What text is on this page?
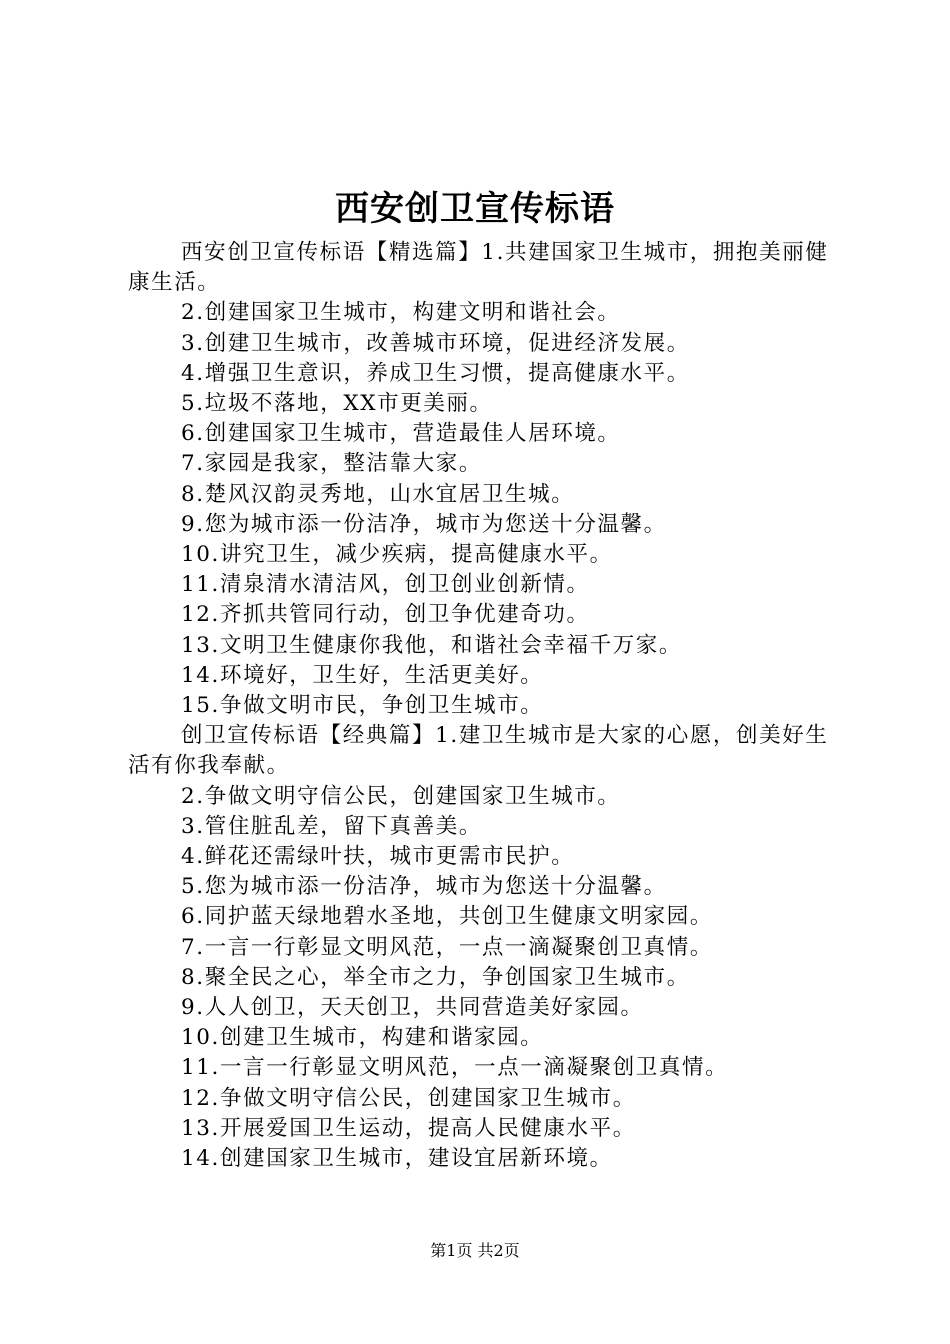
西安创卫宣传标语

西安创卫宣传标语【精选篇】1.共建国家卫生城市，拥抱美丽健康生活。

2.创建国家卫生城市，构建文明和谐社会。

3.创建卫生城市，改善城市环境，促进经济发展。

4.增强卫生意识，养成卫生习惯，提高健康水平。

5.垃圾不落地，XX市更美丽。

6.创建国家卫生城市，营造最佳人居环境。

7.家园是我家，整洁靠大家。

8.楚风汉韵灵秀地，山水宜居卫生城。

9.您为城市添一份洁净，城市为您送十分温馨。

10.讲究卫生，减少疾病，提高健康水平。

11.清泉清水清洁风，创卫创业创新情。

12.齐抓共管同行动，创卫争优建奇功。

13.文明卫生健康你我他，和谐社会幸福千万家。

14.环境好，卫生好，生活更美好。

15.争做文明市民，争创卫生城市。

创卫宣传标语【经典篇】1.建卫生城市是大家的心愿，创美好生活有你我奉献。

2.争做文明守信公民，创建国家卫生城市。

3.管住脏乱差，留下真善美。

4.鲜花还需绿叶扶，城市更需市民护。

5.您为城市添一份洁净，城市为您送十分温馨。

6.同护蓝天绿地碧水圣地，共创卫生健康文明家园。

7.一言一行彰显文明风范，一点一滴凝聚创卫真情。

8.聚全民之心，举全市之力，争创国家卫生城市。

9.人人创卫，天天创卫，共同营造美好家园。

10.创建卫生城市，构建和谐家园。

11.一言一行彰显文明风范，一点一滴凝聚创卫真情。

12.争做文明守信公民，创建国家卫生城市。

13.开展爱国卫生运动，提高人民健康水平。

14.创建国家卫生城市，建设宜居新环境。

第1页 共2页
